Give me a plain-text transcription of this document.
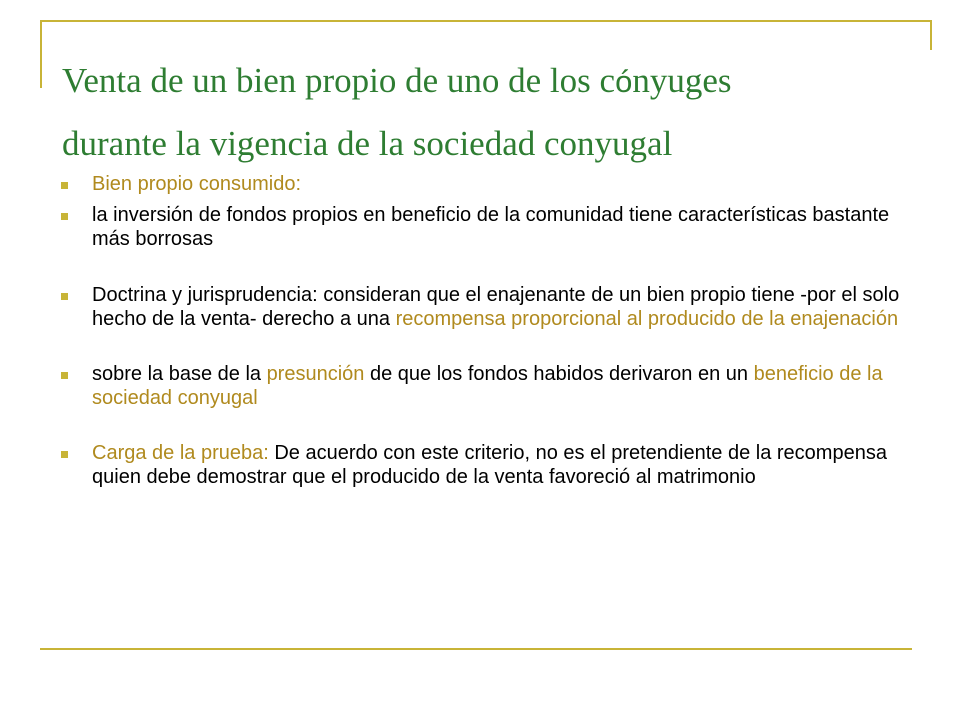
Venta de un bien propio de uno de los cónyuges
durante la vigencia de la sociedad conyugal
Bien propio consumido:
la inversión de fondos propios en beneficio de la comunidad tiene características bastante más borrosas
Doctrina y jurisprudencia: consideran que el enajenante de un bien propio tiene -por el solo hecho de la venta- derecho a una recompensa proporcional al producido de la enajenación
sobre la base de la presunción de que los fondos habidos derivaron en un beneficio de la sociedad conyugal
Carga de la prueba: De acuerdo con este criterio, no es el pretendiente de la recompensa quien debe demostrar que el producido de la venta favoreció al matrimonio
